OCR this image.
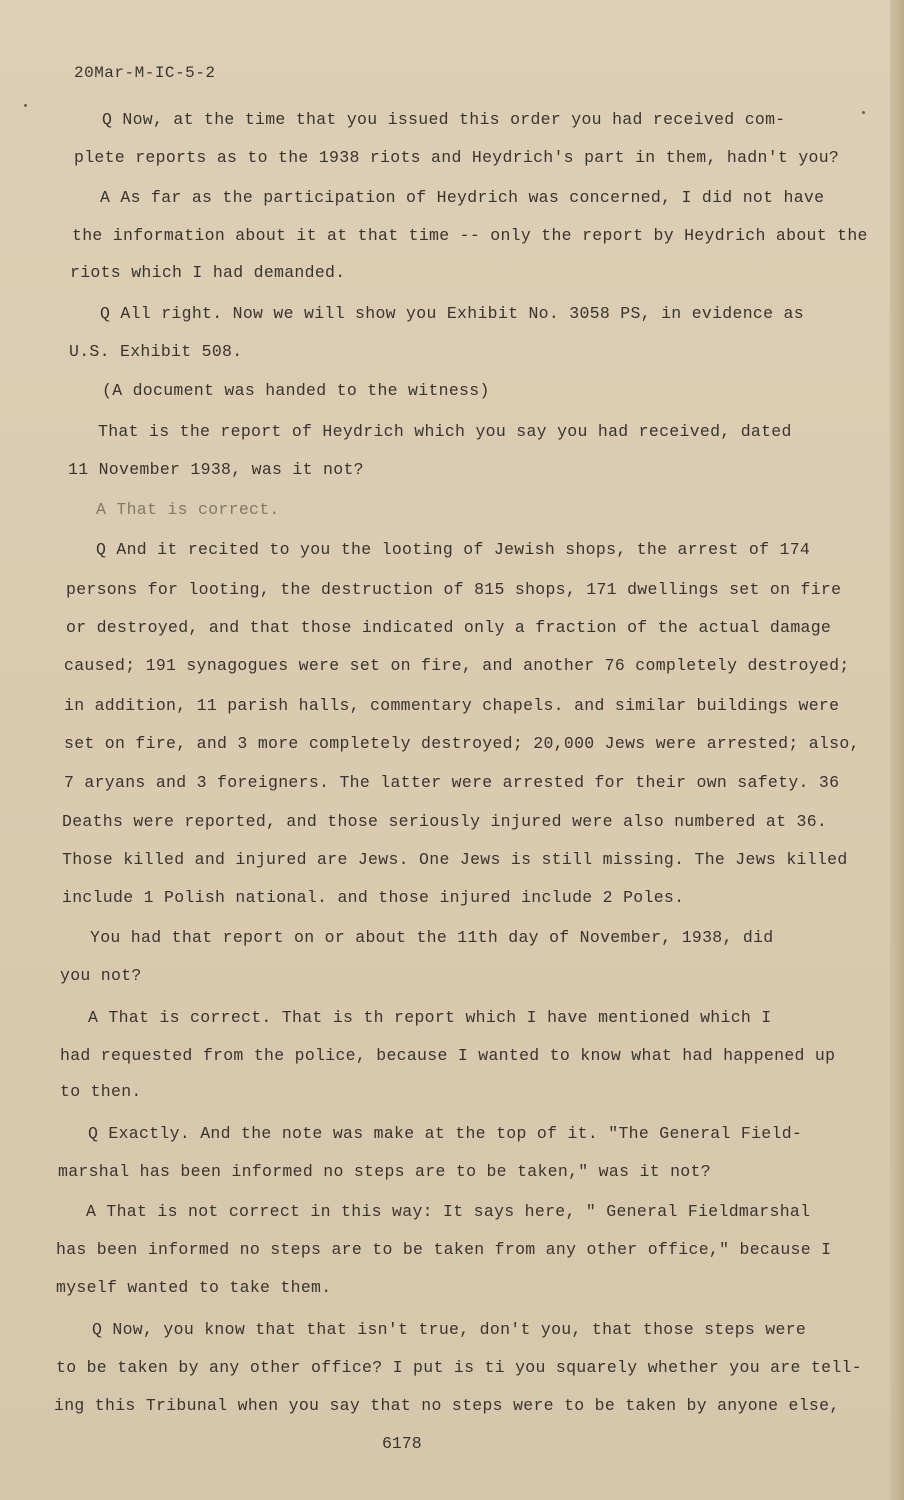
20Mar-M-IC-5-2
Q Now, at the time that you issued this order you had received com-
plete reports as to the 1938 riots and Heydrich's part in them, hadn't you?
A As far as the participation of Heydrich was concerned, I did not have
the information about it at that time -- only the report by Heydrich about the
riots which I had demanded.
Q All right. Now we will show you Exhibit No. 3058 PS, in evidence as
U.S. Exhibit 508.
(A document was handed to the witness)
That is the report of Heydrich which you say you had received, dated
11 November 1938, was it not?
A That is correct.
Q And it recited to you the looting of Jewish shops, the arrest of 174
persons for looting, the destruction of 815 shops, 171 dwellings set on fire
or destroyed, and that those indicated only a fraction of the actual damage
caused; 191 synagogues were set on fire, and another 76 completely destroyed;
in addition, 11 parish halls, commentary chapels. and similar buildings were
set on fire, and 3 more completely destroyed; 20,000 Jews were arrested; also,
7 aryans and 3 foreigners. The latter were arrested for their own safety. 36
Deaths were reported, and those seriously injured were also numbered at 36.
Those killed and injured are Jews. One Jews is still missing. The Jews killed
include 1 Polish national. and those injured include 2 Poles.
You had that report on or about the 11th day of November, 1938, did
you not?
A That is correct. That is th report which I have mentioned which I
had requested from the police, because I wanted to know what had happened up
to then.
Q Exactly. And the note was make at the top of it. "The General Field-
marshal has been informed no steps are to be taken," was it not?
A That is not correct in this way: It says here, " General Fieldmarshal
has been informed no steps are to be taken from any other office," because I
myself wanted to take them.
Q Now, you know that that isn't true, don't you, that those steps were
to be taken by any other office? I put is ti you squarely whether you are tell-
ing this Tribunal when you say that no steps were to be taken by anyone else,
6178
